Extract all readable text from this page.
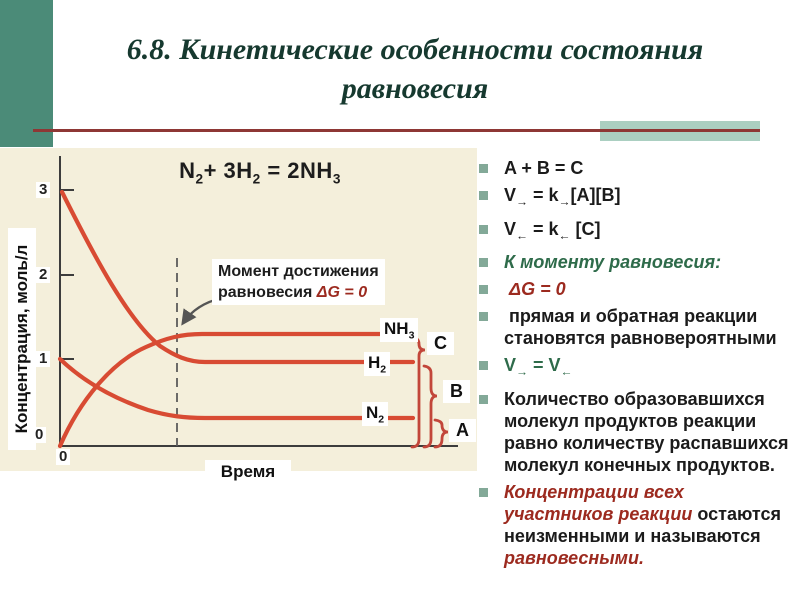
6.8. Кинетические особенности состояния
равновесия
$N_2+ 3H_2 = 2NH_3$
Концентрация, моль/л
3
2
1
0
0
Время
Момент достижения
равновесия ΔG = 0
$NH_3$
$H_2$
$N_2$
C
B
A
A + B = C
$V_\to = k_\to[A][B]$
$V_\leftarrow = k_\leftarrow$ [C]
К моменту равновесия:
ΔG = 0
прямая и обратная реакции становятся равновероятными
$V_\to = V_\leftarrow$
Количество образовавшихся молекул продуктов реакции равно количеству распавшихся молекул конечных продуктов.
Концентрации всех участников реакции остаются неизменными и называются равновесными.
